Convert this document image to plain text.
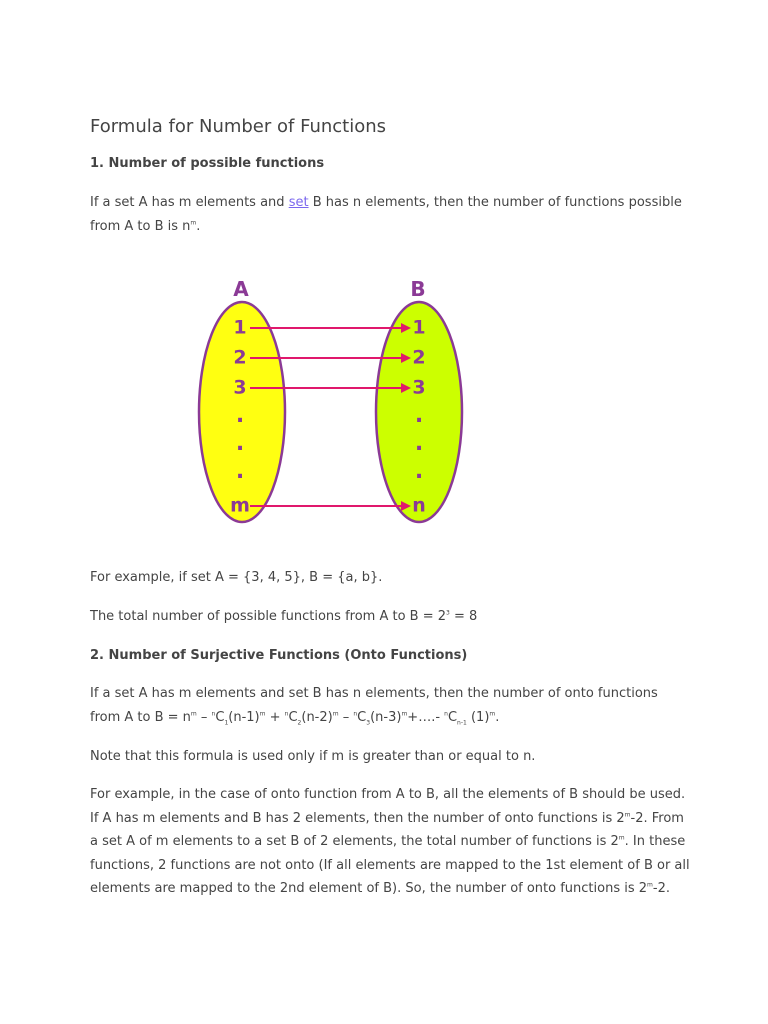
Formula for Number of Functions
1. Number of possible functions

If a set A has m elements and set B has n elements, then the number of functions possible from A to B is $n^m$.

For example, if set A = {3, 4, 5}, B = {a, b}.

The total number of possible functions from A to $B = 2^3 = 8$

2. Number of Surjective Functions (Onto Functions)

If a set A has m elements and set B has n elements, then the number of onto functions from A to $B = n^m - ^nC_1(n-1)^m + ^nC_2(n-2)^m$ – $^nC_3(n-3)^m+\dots.-$ $^nC_{n-1}$ $(1)^m$.

Note that this formula is used only if m is greater than or equal to n.

For example, in the case of onto function from A to B, all the elements of B should be used. If A has m elements and B has 2 elements, then the number of onto functions is 2$^m$-2. From a set A of m elements to a set B of 2 elements, the total number of functions is 2$^m$. In these functions, 2 functions are not onto (If all elements are mapped to the 1st element of B or all elements are mapped to the 2nd element of B). So, the number of onto functions is 2$^m$-2.

A	B
1
2
3
.
.
.
m
1
2
3
.
.
.
n
